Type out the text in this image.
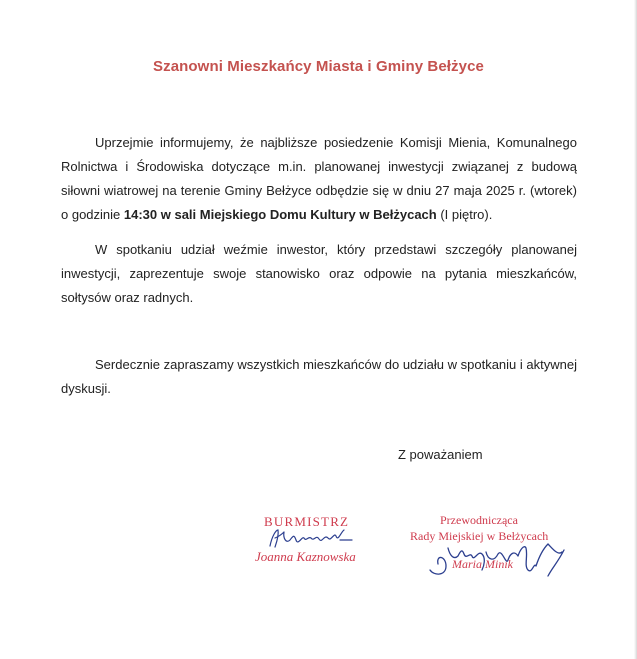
Szanowni Mieszkańcy Miasta i Gminy Bełżyce
Uprzejmie informujemy, że najbliższe posiedzenie Komisji Mienia, Komunalnego Rolnictwa i Środowiska dotyczące m.in. planowanej inwestycji związanej z budową siłowni wiatrowej na terenie Gminy Bełżyce odbędzie się w dniu 27 maja 2025 r. (wtorek) o godzinie 14:30 w sali Miejskiego Domu Kultury w Bełżycach (I piętro).
W spotkaniu udział weźmie inwestor, który przedstawi szczegóły planowanej inwestycji, zaprezentuje swoje stanowisko oraz odpowie na pytania mieszkańców, sołtysów oraz radnych.
Serdecznie zapraszamy wszystkich mieszkańców do udziału w spotkaniu i aktywnej dyskusji.
Z poważaniem
BURMISTRZ
Joanna Kaznowska
Przewodnicząca
Rady Miejskiej w Bełżycach
Maria Minik
